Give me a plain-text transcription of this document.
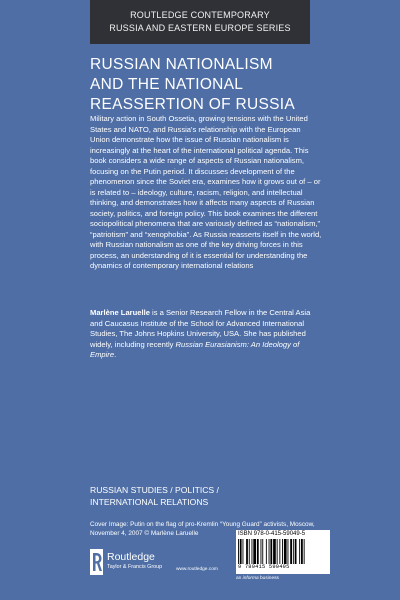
ROUTLEDGE CONTEMPORARY
RUSSIA AND EASTERN EUROPE SERIES
RUSSIAN NATIONALISM
AND THE NATIONAL
REASSERTION OF RUSSIA
Military action in South Ossetia, growing tensions with the United States and NATO, and Russia's relationship with the European Union demonstrate how the issue of Russian nationalism is increasingly at the heart of the international political agenda. This book considers a wide range of aspects of Russian nationalism, focusing on the Putin period. It discusses development of the phenomenon since the Soviet era, examines how it grows out of – or is related to – ideology, culture, racism, religion, and intellectual thinking, and demonstrates how it affects many aspects of Russian society, politics, and foreign policy. This book examines the different sociopolitical phenomena that are variously defined as “nationalism,” “patriotism” and “xenophobia”. As Russia reasserts itself in the world, with Russian nationalism as one of the key driving forces in this process, an understanding of it is essential for understanding the dynamics of contemporary international relations
Marlène Laruelle is a Senior Research Fellow in the Central Asia and Caucasus Institute of the School for Advanced International Studies, The Johns Hopkins University, USA. She has published widely, including recently Russian Eurasianism: An Ideology of Empire.
RUSSIAN STUDIES / POLITICS /
INTERNATIONAL RELATIONS
Cover Image: Putin on the flag of pro-Kremlin “Young Guard” activists, Moscow, November 4, 2007 © Marlène Laruelle
Routledge
Taylor & Francis Group	www.routledge.com
ISBN 978-0-415-59049-5
9 780415 590495
an informa business
